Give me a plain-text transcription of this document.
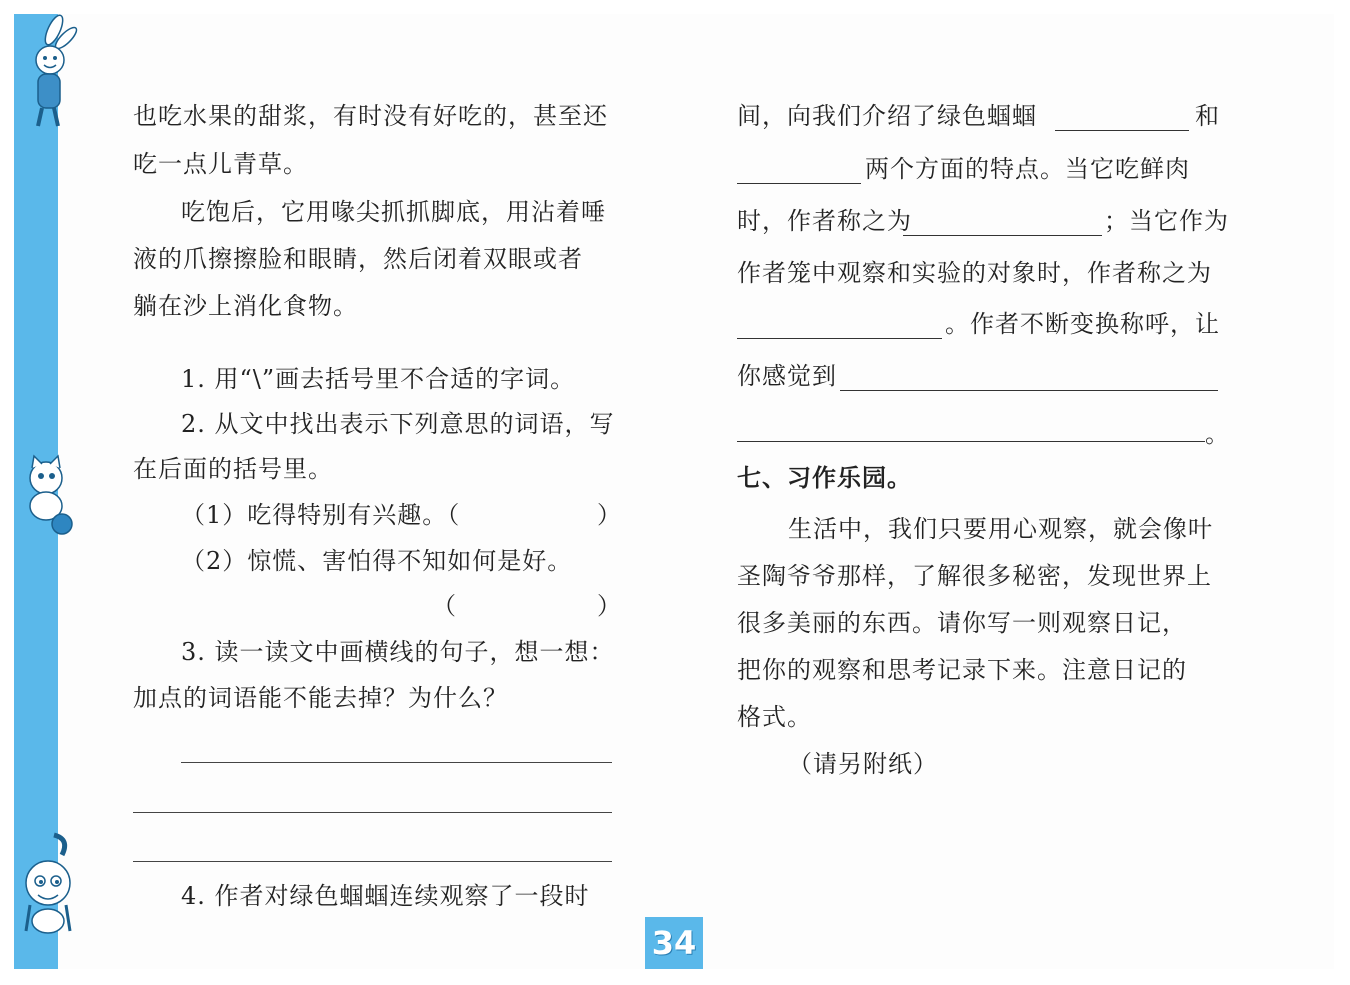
也吃水果的甜浆，有时没有好吃的，甚至还
吃一点儿青草。
吃饱后，它用喙尖抓抓脚底，用沾着唾
液的爪擦擦脸和眼睛，然后闭着双眼或者
躺在沙上消化食物。
1. 用“\”画去括号里不合适的字词。
2. 从文中找出表示下列意思的词语，写
在后面的括号里。
（1）吃得特别有兴趣。（	）
（2）惊慌、害怕得不知如何是好。
（	）
3. 读一读文中画横线的句子，想一想：
加点的词语能不能去掉？为什么？
4. 作者对绿色蝈蝈连续观察了一段时
间，向我们介绍了绿色蝈蝈	和
两个方面的特点。当它吃鲜肉
时，作者称之为	；当它作为
作者笼中观察和实验的对象时，作者称之为
。作者不断变换称呼，让
你感觉到
。
七、习作乐园。
生活中，我们只要用心观察，就会像叶
圣陶爷爷那样，了解很多秘密，发现世界上
很多美丽的东西。请你写一则观察日记，
把你的观察和思考记录下来。注意日记的
格式。
（请另附纸）
34
